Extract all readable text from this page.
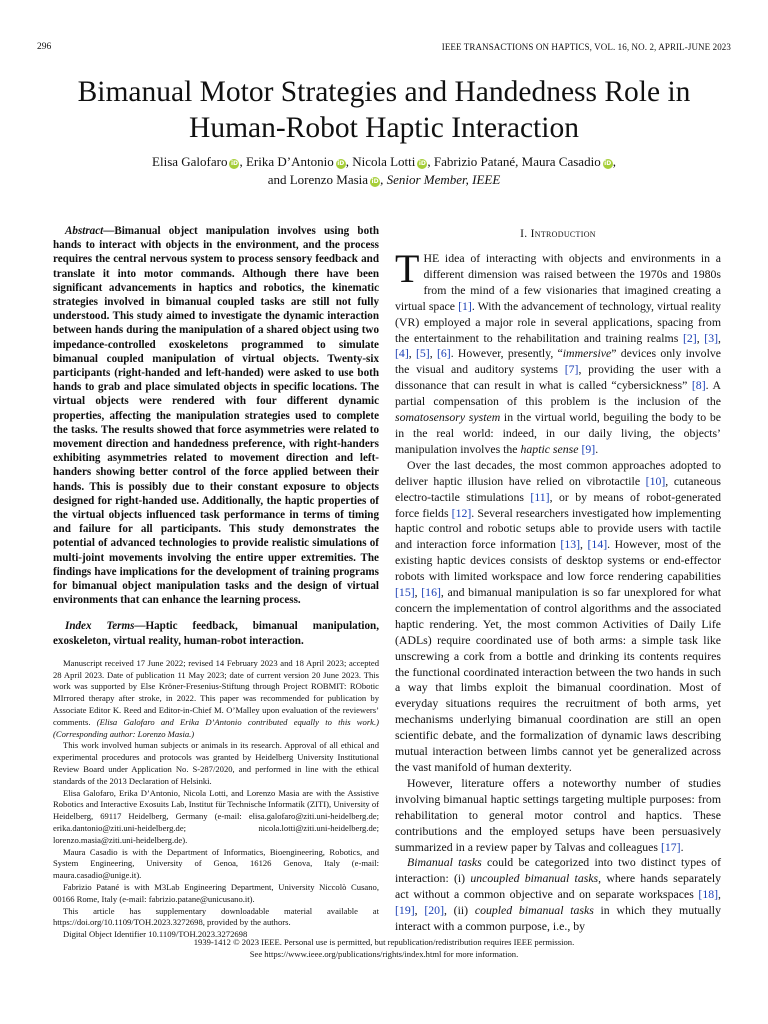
296	IEEE TRANSACTIONS ON HAPTICS, VOL. 16, NO. 2, APRIL-JUNE 2023
Bimanual Motor Strategies and Handedness Role in
Human-Robot Haptic Interaction
Elisa Galofaro iD, Erika D’Antonio iD, Nicola Lotti iD, Fabrizio Patané, Maura Casadio iD,
and Lorenzo Masia iD, Senior Member, IEEE

Abstract—Bimanual object manipulation involves using both hands to interact with objects in the environment, and the process requires the central nervous system to process sensory feedback and translate it into motor commands. Although there have been significant advancements in haptics and robotics, the kinematic strategies involved in bimanual coupled tasks are still not fully understood. This study aimed to investigate the dynamic interaction between hands during the manipulation of a shared object using two impedance-controlled exoskeletons programmed to simulate bimanual coupled manipulation of virtual objects. Twenty-six participants (right-handed and left-handed) were asked to use both hands to grab and place simulated objects in specific locations. The virtual objects were rendered with four different dynamic properties, affecting the manipulation strategies used to complete the tasks. The results showed that force asymmetries were related to movement direction and handedness preference, with right-handers exhibiting asymmetries related to movement direction and left-handers showing better control of the force applied between their hands. This is possibly due to their constant exposure to objects designed for right-handed use. Additionally, the haptic properties of the virtual objects influenced task performance in terms of timing and failure for all participants. This study demonstrates the potential of advanced technologies to provide realistic simulations of multi-joint movements involving the entire upper extremities. The findings have implications for the development of training programs for bimanual object manipulation tasks and the design of virtual environments that can enhance the learning process.

Index Terms—Haptic feedback, bimanual manipulation, exoskeleton, virtual reality, human-robot interaction.

Manuscript received 17 June 2022; revised 14 February 2023 and 18 April 2023; accepted 28 April 2023. Date of publication 11 May 2023; date of current version 20 June 2023. This work was supported by Else Kröner-Fresenius-Stiftung through Project ROBMIT: RObotic MIrrored therapy after stroke, in 2022. This paper was recommended for publication by Associate Editor K. Reed and Editor-in-Chief M. O’Malley upon evaluation of the reviewers’ comments. (Elisa Galofaro and Erika D’Antonio contributed equally to this work.) (Corresponding author: Lorenzo Masia.)

This work involved human subjects or animals in its research. Approval of all ethical and experimental procedures and protocols was granted by Heidelberg University Institutional Review Board under Application No. S-287/2020, and performed in line with the ethical standards of the 2013 Declaration of Helsinki.

Elisa Galofaro, Erika D’Antonio, Nicola Lotti, and Lorenzo Masia are with the Assistive Robotics and Interactive Exosuits Lab, Institut für Technische Informatik (ZITI), University of Heidelberg, 69117 Heidelberg, Germany (e-mail: elisa.galofaro@ziti.uni-heidelberg.de; erika.dantonio@ziti.uni-heidelberg.de; nicola.lotti@ziti.uni-heidelberg.de; lorenzo.masia@ziti.uni-heidelberg.de).

Maura Casadio is with the Department of Informatics, Bioengineering, Robotics, and System Engineering, University of Genoa, 16126 Genova, Italy (e-mail: maura.casadio@unige.it).

Fabrizio Patané is with M3Lab Engineering Department, University Niccolò Cusano, 00166 Rome, Italy (e-mail: fabrizio.patane@unicusano.it).

This article has supplementary downloadable material available at https://doi.org/10.1109/TOH.2023.3272698, provided by the authors.

Digital Object Identifier 10.1109/TOH.2023.3272698

I. Introduction

THE idea of interacting with objects and environments in a different dimension was raised between the 1970s and 1980s from the mind of a few visionaries that imagined creating a virtual space [1]. With the advancement of technology, virtual reality (VR) employed a major role in several applications, spacing from the entertainment to the rehabilitation and training realms [2], [3], [4], [5], [6]. However, presently, “immersive” devices only involve the visual and auditory systems [7], providing the user with a dissonance that can result in what is called “cybersickness” [8]. A partial compensation of this problem is the inclusion of the somatosensory system in the virtual world, beguiling the body to be in the real world: indeed, in our daily living, the objects’ manipulation involves the haptic sense [9].

Over the last decades, the most common approaches adopted to deliver haptic illusion have relied on vibrotactile [10], cutaneous electro-tactile stimulations [11], or by means of robot-generated force fields [12]. Several researchers investigated how implementing haptic control and robotic setups able to provide users with tactile and interaction force information [13], [14]. However, most of the existing haptic devices consists of desktop systems or end-effector robots with limited workspace and low force rendering capabilities [15], [16], and bimanual manipulation is so far unexplored for what concern the implementation of control algorithms and the associated haptic rendering. Yet, the most common Activities of Daily Life (ADLs) require coordinated use of both arms: a simple task like unscrewing a cork from a bottle and drinking its contents requires the functional coordinated interaction between the two hands in such a way that limbs exploit the bimanual coordination. Most of everyday situations requires the recruitment of both arms, yet mechanisms underlying bimanual coordination are still an open scientific debate, and the formalization of dynamic laws describing mutual interaction between limbs cannot yet be generalized across the vast manifold of human dexterity.

However, literature offers a noteworthy number of studies involving bimanual haptic settings targeting multiple purposes: from rehabilitation to general motor control and haptics. These contributions and the employed setups have been persuasively summarized in a review paper by Talvas and colleagues [17].

Bimanual tasks could be categorized into two distinct types of interaction: (i) uncoupled bimanual tasks, where hands separately act without a common objective and on separate workspaces [18], [19], [20], (ii) coupled bimanual tasks in which they mutually interact with a common purpose, i.e., by

1939-1412 © 2023 IEEE. Personal use is permitted, but republication/redistribution requires IEEE permission.
See https://www.ieee.org/publications/rights/index.html for more information.
